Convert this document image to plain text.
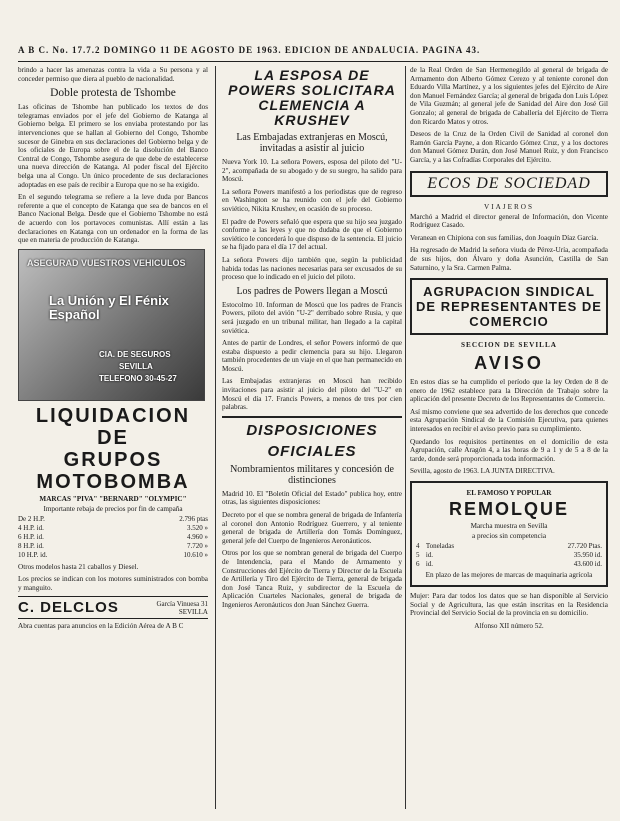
A B C. No. 17.7.2 DOMINGO 11 DE AGOSTO DE 1963. EDICION DE ANDALUCIA. PAGINA 43.

brindo a hacer las amenazas contra la vida a Su persona y al conceder permiso que diera al pueblo de nacionalidad.

Doble protesta de Tshombe

Las oficinas de Tshombe han publicado los textos de dos telegramas enviados por el jefe del Gobierno de Katanga al Gobierno belga. El primero se los enviaba protestando por las intervenciones que se hallan al Gobierno del Congo, Tshombe sucesor de Ginebra en sus declaraciones del Gobierno belga y de los oficiales de Europa sobre el de la disolución del Banco Central de Congo, Tshombe asegura de que debe de establecerse una nueva dirección de Katanga. Al poder fiscal del Ejército belga una al Congo. Un único procedente de sus declaraciones adoptadas en ese país de recibir a Europa que no se ha exigido.

En el segundo telegrama se refiere a la leve duda por Bancos referente a que el concepto de Katanga que sea de bancos en el Banco Nacional Belga. Desde que el Gobierno Tshombe no está de acuerdo con los portavoces comunistas. Allí están a las declaraciones en Katanga con un ordenador en la forma de las que en materia de producción de Katanga.

ASEGURAD VUESTROS VEHICULOS
La Unión y El Fénix Español
CIA. DE SEGUROS
SEVILLA
TELEFONO 30-45-27
LIQUIDACION DE
GRUPOS MOTOBOMBA
MARCAS "PIVA" "BERNARD" "OLYMPIC"
Importante rebaja de precios por fin de campaña
De 2 H.P.	2.796 ptas
4 H.P. id.	3.520 »
6 H.P. id.	4.960 »
8 H.P. id.	7.720 »
10 H.P. id.	10.610 »

Otros modelos hasta 21 caballos y Diesel.

Los precios se indican con los motores suministrados con bomba y manguito.

C. DELCLOS	García Vinuesa 31 SEVILLA

Abra cuentas para anuncios en la Edición Aérea de A B C

LA ESPOSA DE POWERS SOLICITARA CLEMENCIA A KRUSHEV
Las Embajadas extranjeras en Moscú, invitadas a asistir al juicio

Nueva York 10. La señora Powers, esposa del piloto del "U-2", acompañada de su abogado y de su suegro, ha salido para Moscú.

La señora Powers manifestó a los periodistas que de regreso en Washington se ha reunido con el jefe del Gobierno soviético, Nikita Krushev, en ocasión de su proceso.

El padre de Powers señaló que espera que su hijo sea juzgado conforme a las leyes y que no dudaba de que el Gobierno soviético le concederá lo que dispuso de la sentencia. El juicio se ha fijado para el día 17 del actual.

La señora Powers dijo también que, según la publicidad habida todas las naciones necesarias para ser excusados de su proceso que lo indicado en el juicio del piloto.

Los padres de Powers llegan a Moscú

Estocolmo 10. Informan de Moscú que los padres de Francis Powers, piloto del avión "U-2" derribado sobre Rusia, y que será juzgado en un tribunal militar, han llegado a la capital soviética.

Antes de partir de Londres, el señor Powers informó de que estaba dispuesto a pedir clemencia para su hijo. Llegaron también procedentes de un viaje en el que han permanecido en Moscú.

Las Embajadas extranjeras en Moscú han recibido invitaciones para asistir al juicio del piloto del "U-2" en Moscú el día 17. Francis Powers, a menos de tres por cien palabras.

DISPOSICIONES
OFICIALES
Nombramientos militares y concesión de distinciones

Madrid 10. El "Boletín Oficial del Estado" publica hoy, entre otras, las siguientes disposiciones:

Decreto por el que se nombra general de brigada de Infantería al coronel don Antonio Rodríguez Guerrero, y al teniente general de brigada de Artillería don Tomás Domínguez, general jefe del Cuerpo de Ingenieros Aeronáuticos.

Otros por los que se nombran general de brigada del Cuerpo de Intendencia, para el Mando de Armamento y Construcciones del Ejército de Tierra y Director de la Escuela de Artillería y Tiro del Ejército de Tierra, general de brigada don José Tanca Ruiz, y subdirector de la Escuela de Aplicación Cuarteles Nacionales, general de brigada de Ingenieros Aeronáuticos don Juan Sánchez Guerra.

de la Real Orden de San Hermenegildo al general de brigada de Armamento don Alberto Gómez Cerezo y al teniente coronel don Eduardo Villa Martínez, y a los siguientes jefes del Ejército de Aire don Manuel Fernández García; al general de brigada don Luis López de Vila Guzmán; al general jefe de Sanidad del Aire don José Gil Gonzalo; al general de brigada de Caballería del Ejército de Tierra don Ricardo Matos y otros.

Deseos de la Cruz de la Orden Civil de Sanidad al coronel don Ramón García Payne, a don Ricardo Gómez Cruz, y a los doctores don Manuel Gómez Durán, don José Manuel Ruiz, y don Francisco García, y a las Cofradías Corporales del Ejército.

ECOS DE SOCIEDAD
VIAJEROS

Marchó a Madrid el director general de Información, don Vicente Rodríguez Casado.

Veranean en Chipiona con sus familias, don Joaquín Díaz García.

Ha regresado de Madrid la señora viuda de Pérez-Uría, acompañada de sus hijos, don Álvaro y doña Asunción, Castilla de San Saturnino, y la Sra. Carmen Palma.

AGRUPACION SINDICAL DE REPRESENTANTES DE COMERCIO
SECCION DE SEVILLA
AVISO

En estos días se ha cumplido el período que la ley Orden de 8 de enero de 1962 establece para la Dirección de Trabajo sobre la aplicación del presente Decreto de los Representantes de Comercio.

Así mismo conviene que sea advertido de los derechos que concede esta Agrupación Sindical de la Comisión Ejecutiva, para quienes interesados en recibir el aviso previo para su cumplimiento.

Quedando los requisitos pertinentes en el domicilio de esta Agrupación, calle Aragón 4, a las horas de 9 a 1 y de 5 a 8 de la tarde, donde será proporcionada toda información.

Sevilla, agosto de 1963. LA JUNTA DIRECTIVA.

EL FAMOSO Y POPULAR
REMOLQUE
Marcha muestra en Sevilla
a precios sin competencia
4	Toneladas	27.720 Ptas.
5	id.	35.950 id.
6	id.	43.600 id.
En plazo de las mejores de marcas de maquinaria agrícola

Mujer: Para dar todos los datos que se han disponible al Servicio Social y de Agricultura, las que están inscritas en la Residencia Provincial del Servicio Social de la provincia en su domicilio.

Alfonso XII número 52.
